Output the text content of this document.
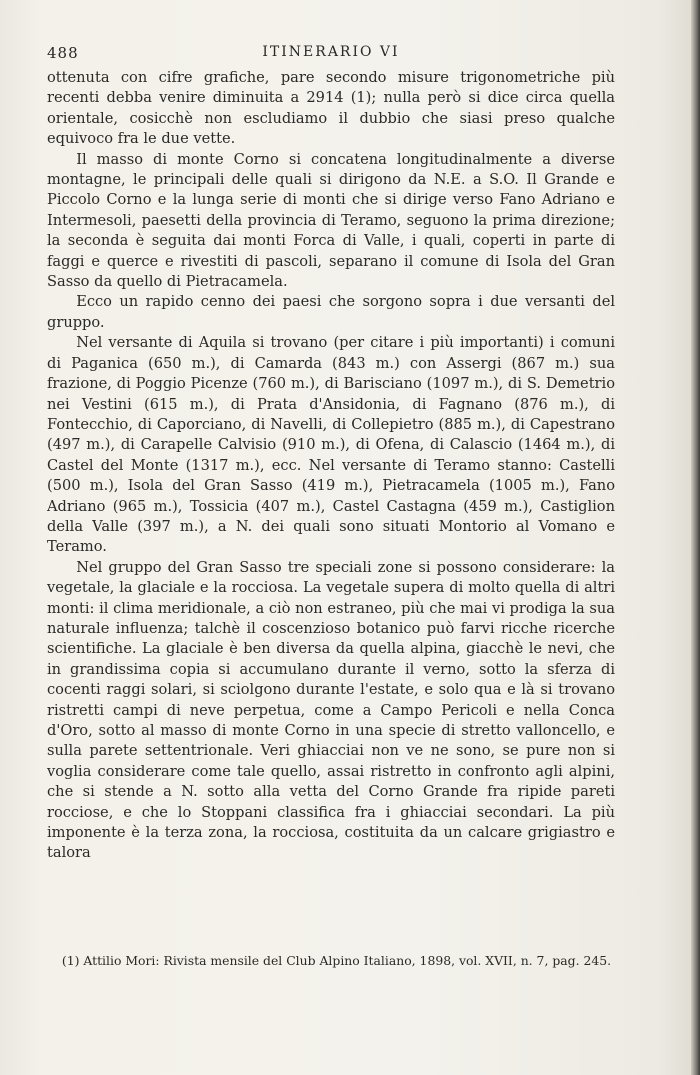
488	ITINERARIO VI

ottenuta con cifre grafiche, pare secondo misure trigonometriche più recenti debba venire diminuita a 2914 (1); nulla però si dice circa quella orientale, cosicchè non escludiamo il dubbio che siasi preso qualche equivoco fra le due vette.

Il masso di monte Corno si concatena longitudinalmente a diverse montagne, le principali delle quali si dirigono da N.E. a S.O. Il Grande e Piccolo Corno e la lunga serie di monti che si dirige verso Fano Adriano e Intermesoli, paesetti della provincia di Teramo, seguono la prima direzione; la seconda è seguita dai monti Forca di Valle, i quali, coperti in parte di faggi e querce e rivestiti di pascoli, separano il comune di Isola del Gran Sasso da quello di Pietracamela.

Ecco un rapido cenno dei paesi che sorgono sopra i due versanti del gruppo.

Nel versante di Aquila si trovano (per citare i più importanti) i comuni di Paganica (650 m.), di Camarda (843 m.) con Assergi (867 m.) sua frazione, di Poggio Picenze (760 m.), di Barisciano (1097 m.), di S. Demetrio nei Vestini (615 m.), di Prata d'Ansidonia, di Fagnano (876 m.), di Fontecchio, di Caporciano, di Navelli, di Collepietro (885 m.), di Capestrano (497 m.), di Carapelle Calvisio (910 m.), di Ofena, di Calascio (1464 m.), di Castel del Monte (1317 m.), ecc. Nel versante di Teramo stanno: Castelli (500 m.), Isola del Gran Sasso (419 m.), Pietracamela (1005 m.), Fano Adriano (965 m.), Tossicia (407 m.), Castel Castagna (459 m.), Castiglion della Valle (397 m.), a N. dei quali sono situati Montorio al Vomano e Teramo.

Nel gruppo del Gran Sasso tre speciali zone si possono considerare: la vegetale, la glaciale e la rocciosa. La vegetale supera di molto quella di altri monti: il clima meridionale, a ciò non estraneo, più che mai vi prodiga la sua naturale influenza; talchè il coscenzioso botanico può farvi ricche ricerche scientifiche. La glaciale è ben diversa da quella alpina, giacchè le nevi, che in grandissima copia si accumulano durante il verno, sotto la sferza di cocenti raggi solari, si sciolgono durante l'estate, e solo qua e là si trovano ristretti campi di neve perpetua, come a Campo Pericoli e nella Conca d'Oro, sotto al masso di monte Corno in una specie di stretto valloncello, e sulla parete settentrionale. Veri ghiacciai non ve ne sono, se pure non si voglia considerare come tale quello, assai ristretto in confronto agli alpini, che si stende a N. sotto alla vetta del Corno Grande fra ripide pareti rocciose, e che lo Stoppani classifica fra i ghiacciai secondari. La più imponente è la terza zona, la rocciosa, costituita da un calcare grigiastro e talora

(1) Attilio Mori: Rivista mensile del Club Alpino Italiano, 1898, vol. XVII, n. 7, pag. 245.
